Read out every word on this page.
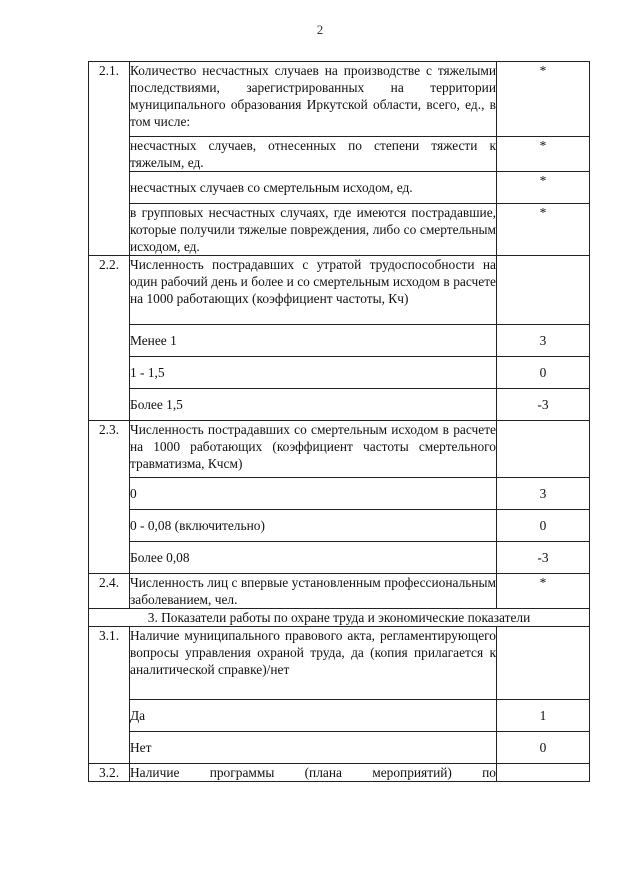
2
2.1.	Количество несчастных случаев на производстве с тяжелыми последствиями, зарегистрированных на территории муниципального образования Иркутской области, всего, ед., в том числе:	*
	несчастных случаев, отнесенных по степени тяжести к тяжелым, ед.	*
	несчастных случаев со смертельным исходом, ед.	*
	в групповых несчастных случаях, где имеются пострадавшие, которые получили тяжелые повреждения, либо со смертельным исходом, ед.	*
2.2.	Численность пострадавших с утратой трудоспособности на один рабочий день и более и со смертельным исходом в расчете на 1000 работающих (коэффициент частоты, Кч)	
	Менее 1	3
	1 - 1,5	0
	Более 1,5	-3
2.3.	Численность пострадавших со смертельным исходом в расчете на 1000 работающих (коэффициент частоты смертельного травматизма, Кчсм)	
	0	3
	0 - 0,08 (включительно)	0
	Более 0,08	-3
2.4.	Численность лиц с впервые установленным профессиональным заболеванием, чел.	*
3. Показатели работы по охране труда и экономические показатели		
3.1.	Наличие муниципального правового акта, регламентирующего вопросы управления охраной труда, да (копия прилагается к аналитической справке)/нет	
	Да	1
	Нет	0
3.2.	Наличие программы (плана мероприятий) по	
